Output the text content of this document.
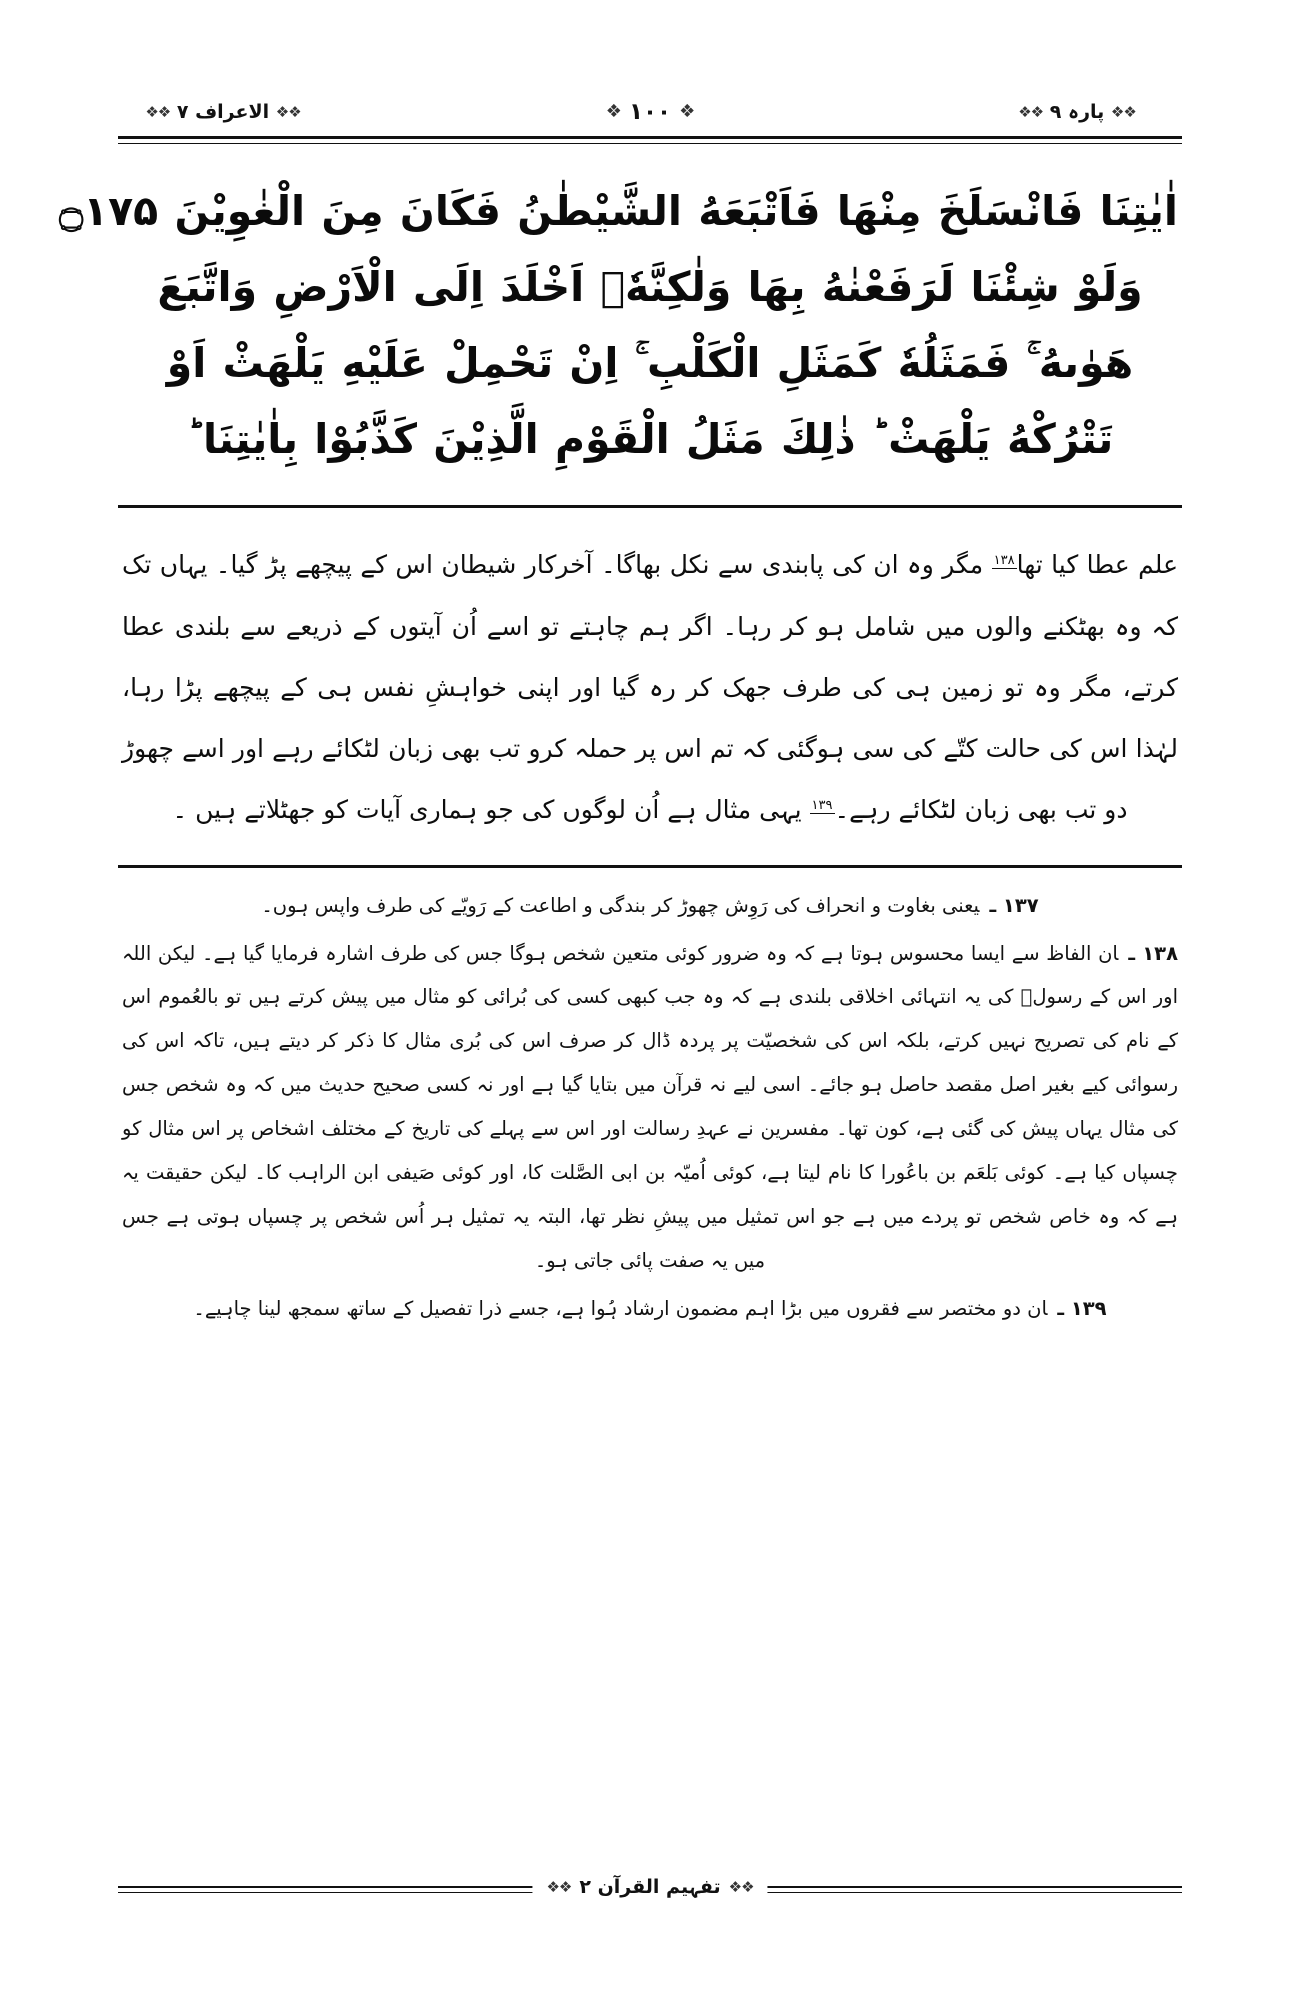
❖❖

پارہ ۹

❖❖
❖

۱۰۰

❖
❖❖

الاعراف ۷

❖❖
اٰیٰتِنَا فَانْسَلَخَ مِنْهَا فَاَتْبَعَهُ الشَّيْطٰنُ فَكَانَ مِنَ الْغٰوِيْنَ ۝۱۷۵
وَلَوْ شِئْنَا لَرَفَعْنٰهُ بِهَا وَلٰكِنَّهٗۤ اَخْلَدَ اِلَى الْاَرْضِ وَاتَّبَعَ
هَوٰىهُ ۚ فَمَثَلُهٗ كَمَثَلِ الْكَلْبِ ۚ اِنْ تَحْمِلْ عَلَيْهِ يَلْهَثْ اَوْ
تَتْرُكْهُ يَلْهَثْ ؕ ذٰلِكَ مَثَلُ الْقَوْمِ الَّذِيْنَ كَذَّبُوْا بِاٰيٰتِنَا ؕ
علم عطا کیا تھا$^{۱۳۸}$ مگر وہ ان کی پابندی سے نکل بھاگا۔ آخرکار شیطان اس کے پیچھے پڑ گیا۔ یہاں تک کہ وہ بھٹکنے والوں میں شامل ہو کر رہا۔ اگر ہم چاہتے تو اسے اُن آیتوں کے ذریعے سے بلندی عطا کرتے، مگر وہ تو زمین ہی کی طرف جھک کر رہ گیا اور اپنی خواہشِ نفس ہی کے پیچھے پڑا رہا، لہٰذا اس کی حالت کتّے کی سی ہوگئی کہ تم اس پر حملہ کرو تب بھی زبان لٹکائے رہے اور اسے چھوڑ دو تب بھی زبان لٹکائے رہے۔$^{۱۳۹}$ یہی مثال ہے اُن لوگوں کی جو ہماری آیات کو جھٹلاتے ہیں ۔
۱۳۷ ـیعنی بغاوت و انحراف کی رَوِش چھوڑ کر بندگی و اطاعت کے رَویّے کی طرف واپس ہوں۔
۱۳۸ ـان الفاظ سے ایسا محسوس ہوتا ہے کہ وہ ضرور کوئی متعین شخص ہوگا جس کی طرف اشارہ فرمایا گیا ہے۔ لیکن اللہ اور اس کے رسولؐ کی یہ انتہائی اخلاقی بلندی ہے کہ وہ جب کبھی کسی کی بُرائی کو مثال میں پیش کرتے ہیں تو بالعُموم اس کے نام کی تصریح نہیں کرتے، بلکہ اس کی شخصیّت پر پردہ ڈال کر صرف اس کی بُری مثال کا ذکر کر دیتے ہیں، تاکہ اس کی رسوائی کیے بغیر اصل مقصد حاصل ہو جائے۔ اسی لیے نہ قرآن میں بتایا گیا ہے اور نہ کسی صحیح حدیث میں کہ وہ شخص جس کی مثال یہاں پیش کی گئی ہے، کون تھا۔ مفسرین نے عہدِ رسالت اور اس سے پہلے کی تاریخ کے مختلف اشخاص پر اس مثال کو چسپاں کیا ہے۔ کوئی بَلعَم بن باعُورا کا نام لیتا ہے، کوئی اُمیّہ بن ابی الصَّلت کا، اور کوئی صَیفی ابن الراہب کا۔ لیکن حقیقت یہ ہے کہ وہ خاص شخص تو پردے میں ہے جو اس تمثیل میں پیشِ نظر تھا، البتہ یہ تمثیل ہر اُس شخص پر چسپاں ہوتی ہے جس میں یہ صفت پائی جاتی ہو۔
۱۳۹ ـان دو مختصر سے فقروں میں بڑا اہم مضمون ارشاد ہُوا ہے، جسے ذرا تفصیل کے ساتھ سمجھ لینا چاہیے۔
❖❖
تفہیم القرآن ۲
❖❖
